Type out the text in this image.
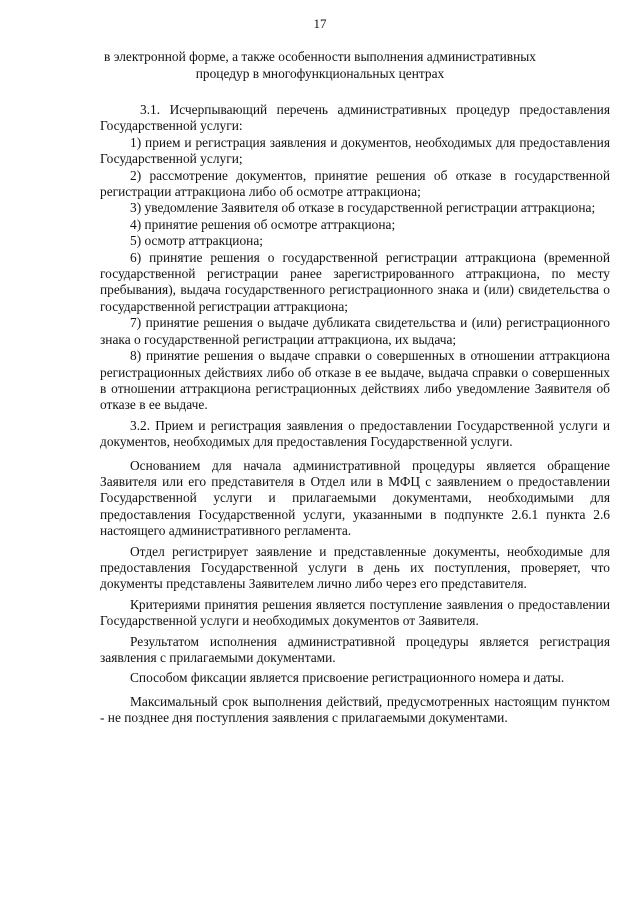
17
в электронной форме, а также особенности выполнения административных
процедур в многофункциональных центрах

3.1. Исчерпывающий перечень административных процедур предоставления Государственной услуги:

1) прием и регистрация заявления и документов, необходимых для предоставления Государственной услуги;

2) рассмотрение документов, принятие решения об отказе в государственной регистрации аттракциона либо об осмотре аттракциона;

3) уведомление Заявителя об отказе в государственной регистрации аттракциона;

4) принятие решения об осмотре аттракциона;

5) осмотр аттракциона;

6) принятие решения о государственной регистрации аттракциона (временной государственной регистрации ранее зарегистрированного аттракциона, по месту пребывания), выдача государственного регистрационного знака и (или) свидетельства о государственной регистрации аттракциона;

7) принятие решения о выдаче дубликата свидетельства и (или) регистрационного знака о государственной регистрации аттракциона, их выдача;

8) принятие решения о выдаче справки о совершенных в отношении аттракциона регистрационных действиях либо об отказе в ее выдаче, выдача справки о совершенных в отношении аттракциона регистрационных действиях либо уведомление Заявителя об отказе в ее выдаче.

3.2. Прием и регистрация заявления о предоставлении Государственной услуги и документов, необходимых для предоставления Государственной услуги.

Основанием для начала административной процедуры является обращение Заявителя или его представителя в Отдел или в МФЦ с заявлением о предоставлении Государственной услуги и прилагаемыми документами, необходимыми для предоставления Государственной услуги, указанными в подпункте 2.6.1 пункта 2.6 настоящего административного регламента.

Отдел регистрирует заявление и представленные документы, необходимые для предоставления Государственной услуги в день их поступления, проверяет, что документы представлены Заявителем лично либо через его представителя.

Критериями принятия решения является поступление заявления о предоставлении Государственной услуги и необходимых документов от Заявителя.

Результатом исполнения административной процедуры является регистрация заявления с прилагаемыми документами.

Способом фиксации является присвоение регистрационного номера и даты.

Максимальный срок выполнения действий, предусмотренных настоящим пунктом - не позднее дня поступления заявления с прилагаемыми документами.
